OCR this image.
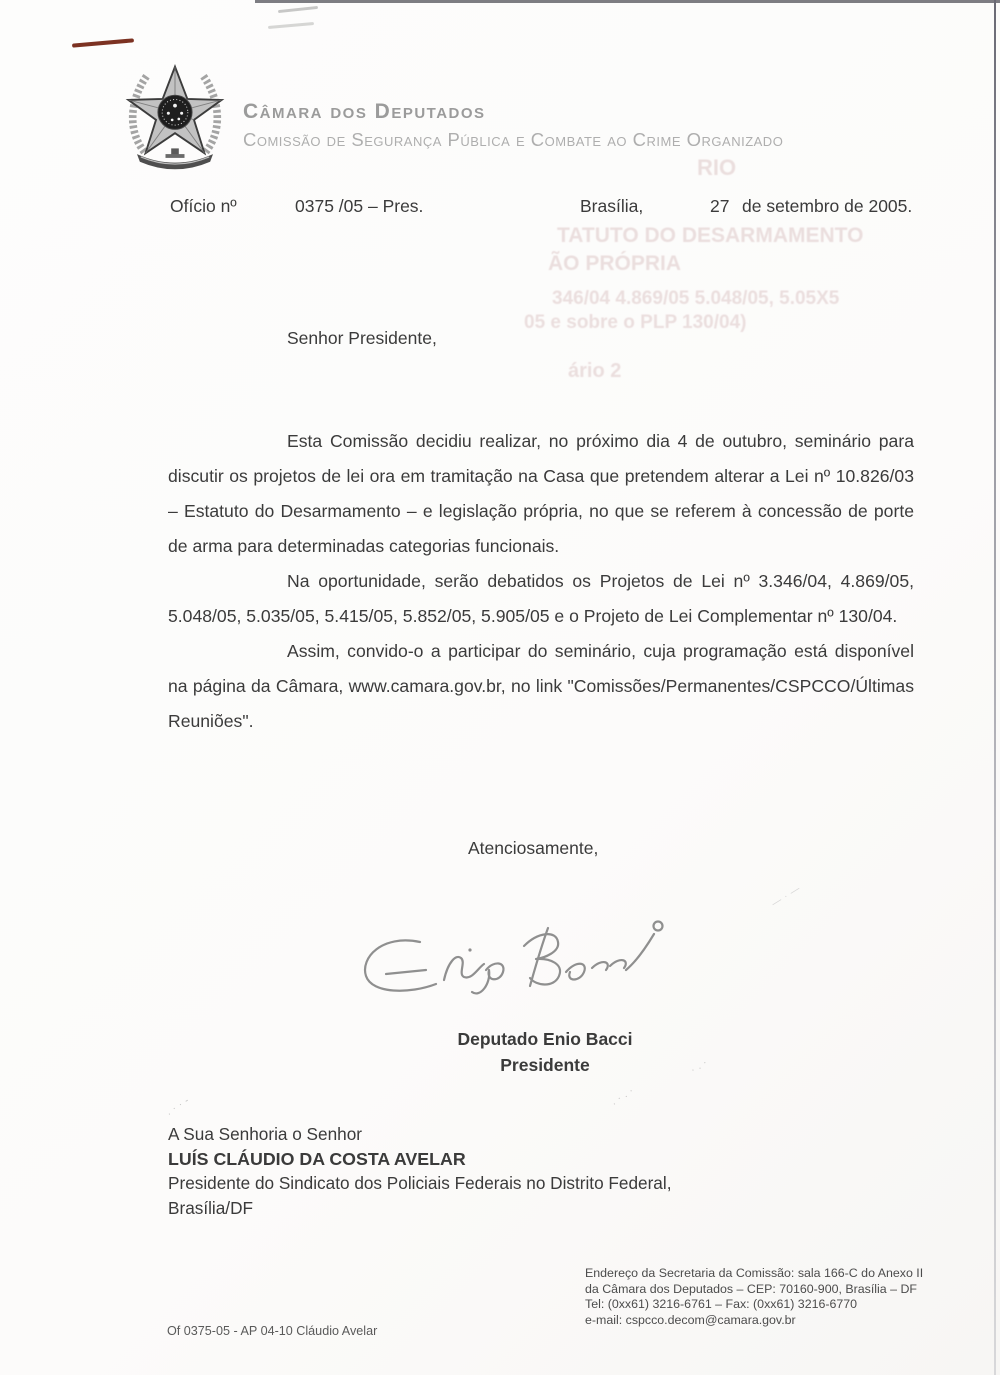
.·.·
·.·
.··-
—·—
RIO
TATUTO DO DESARMAMENTO
ÃO PRÓPRIA
346/04 4.869/05 5.048/05, 5.05X5
05 e sobre o PLP 130/04)
ário 2
Câmara dos Deputados
Comissão de Segurança Pública e Combate ao Crime Organizado
Ofício nº	0375 /05 – Pres.	Brasília,	27 de setembro de 2005.
Senhor Presidente,

Esta Comissão decidiu realizar, no próximo dia 4 de outubro, seminário para discutir os projetos de lei ora em tramitação na Casa que pretendem alterar a Lei nº 10.826/03 – Estatuto do Desarmamento – e legislação própria, no que se referem à concessão de porte de arma para determinadas categorias funcionais.

Na oportunidade, serão debatidos os Projetos de Lei nº 3.346/04, 4.869/05, 5.048/05, 5.035/05, 5.415/05, 5.852/05, 5.905/05 e o Projeto de Lei Complementar nº 130/04.

Assim, convido-o a participar do seminário, cuja programação está disponível na página da Câmara, www.camara.gov.br, no link "Comissões/Permanentes/CSPCCO/Últimas Reuniões".

Atenciosamente,
Deputado Enio Bacci
Presidente
A Sua Senhoria o Senhor
LUÍS CLÁUDIO DA COSTA AVELAR
Presidente do Sindicato dos Policiais Federais no Distrito Federal,
Brasília/DF
Endereço da Secretaria da Comissão: sala 166-C do Anexo II
da Câmara dos Deputados – CEP: 70160-900, Brasília – DF
Tel: (0xx61) 3216-6761 – Fax: (0xx61) 3216-6770
e-mail: cspcco.decom@camara.gov.br
Of 0375-05 - AP 04-10 Cláudio Avelar
